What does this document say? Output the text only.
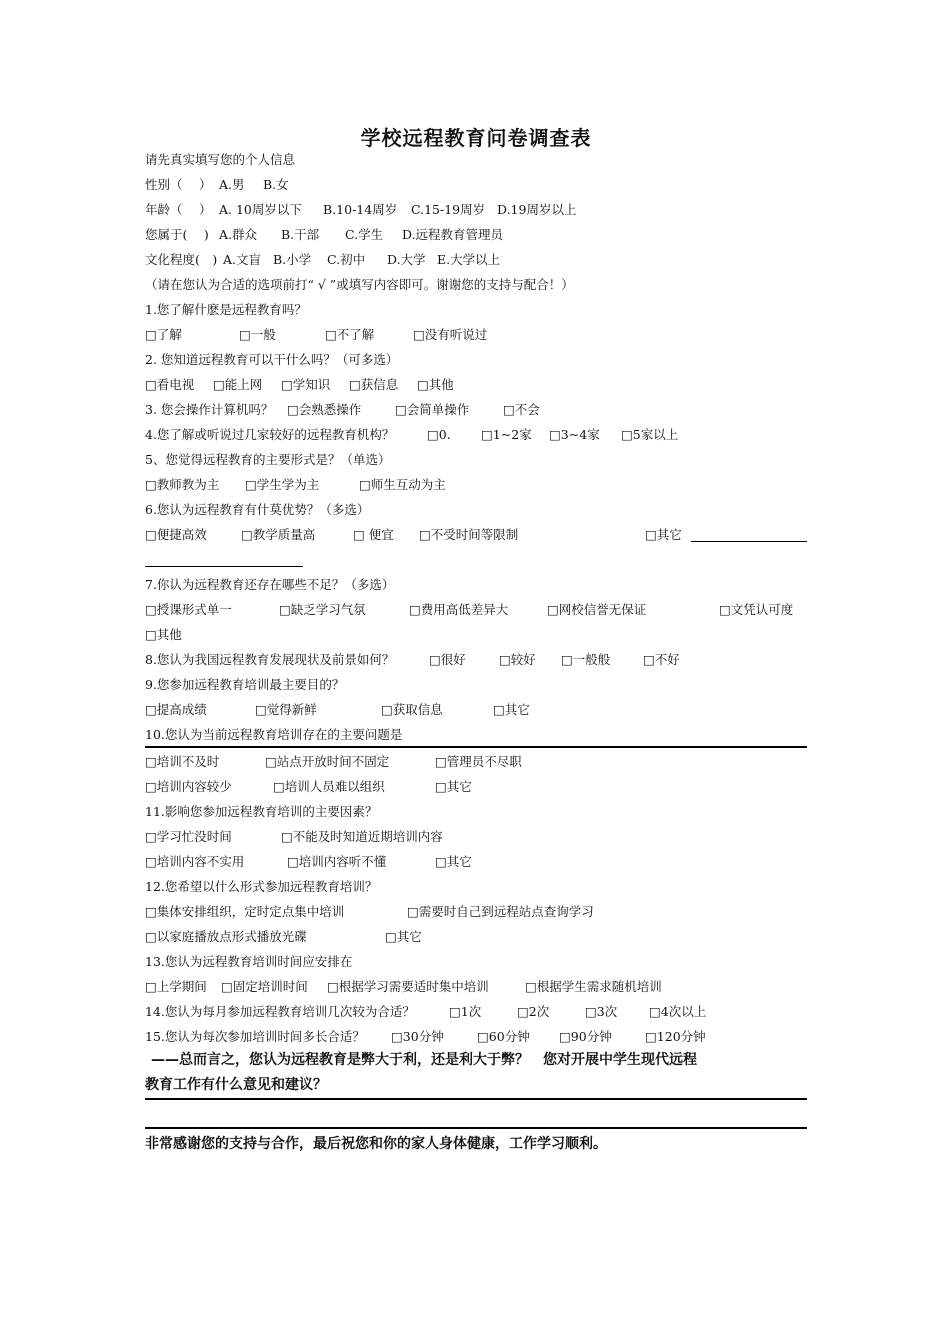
学校远程教育问卷调查表
请先真实填写您的个人信息
性别（　 ） A.男 B.女
年龄（　 ） A. 10周岁以下 B.10-14周岁 C.15-19周岁 D.19周岁以上
您属于(　 ) A.群众 B.干部 C.学生 D.远程教育管理员
文化程度(　) A.文盲 B.小学 C.初中 D.大学 E.大学以上
（请在您认为合适的选项前打“ √ ”或填写内容即可。谢谢您的支持与配合！）
1.您了解什麽是远程教育吗？
□了解	□一般	□不了解	□没有听说过
2. 您知道远程教育可以干什么吗？（可多选）
□看电视 □能上网 □学知识 □获信息 □其他
3. 您会操作计算机吗？ □会熟悉操作	□会简单操作	□不会
4.您了解或听说过几家较好的远程教育机构？	□0. □1~2家 □3~4家 □5家以上
5、您觉得远程教育的主要形式是？（单选）
□教师教为主 □学生学为主	□师生互动为主
6.您认为远程教育有什莫优势？（多选）
□便捷高效	□教学质量高	□ 便宜 □不受时间等限制	□其它
7.你认为远程教育还存在哪些不足？（多选）
□授课形式单一	□缺乏学习气氛	□费用高低差异大	□网校信誉无保证	□文凭认可度
□其他
8.您认为我国远程教育发展现状及前景如何？	□很好	□较好 □一般般	□不好
9.您参加远程教育培训最主要目的？
□提高成绩	□觉得新鲜	□获取信息	□其它
10.您认为当前远程教育培训存在的主要问题是
□培训不及时	□站点开放时间不固定	□管理员不尽职
□培训内容较少	□培训人员难以组织	□其它
11.影响您参加远程教育培训的主要因素？
□学习忙没时间	□不能及时知道近期培训内容
□培训内容不实用	□培训内容听不懂	□其它
12.您希望以什么形式参加远程教育培训？
□集体安排组织，定时定点集中培训	□需要时自己到远程站点查询学习
□以家庭播放点形式播放光碟	□其它
13.您认为远程教育培训时间应安排在
□上学期间 □固定培训时间 □根据学习需要适时集中培训	□根据学生需求随机培训
14.您认为每月参加远程教育培训几次较为合适？	□1次	□2次	□3次	□4次以上
15.您认为每次参加培训时间多长合适？ □30分钟	□60分钟 □90分钟	□120分钟
——总而言之，您认为远程教育是弊大于利，还是利大于弊？　您对开展中学生现代远程
教育工作有什么意见和建议？
非常感谢您的支持与合作，最后祝您和你的家人身体健康，工作学习顺利。
